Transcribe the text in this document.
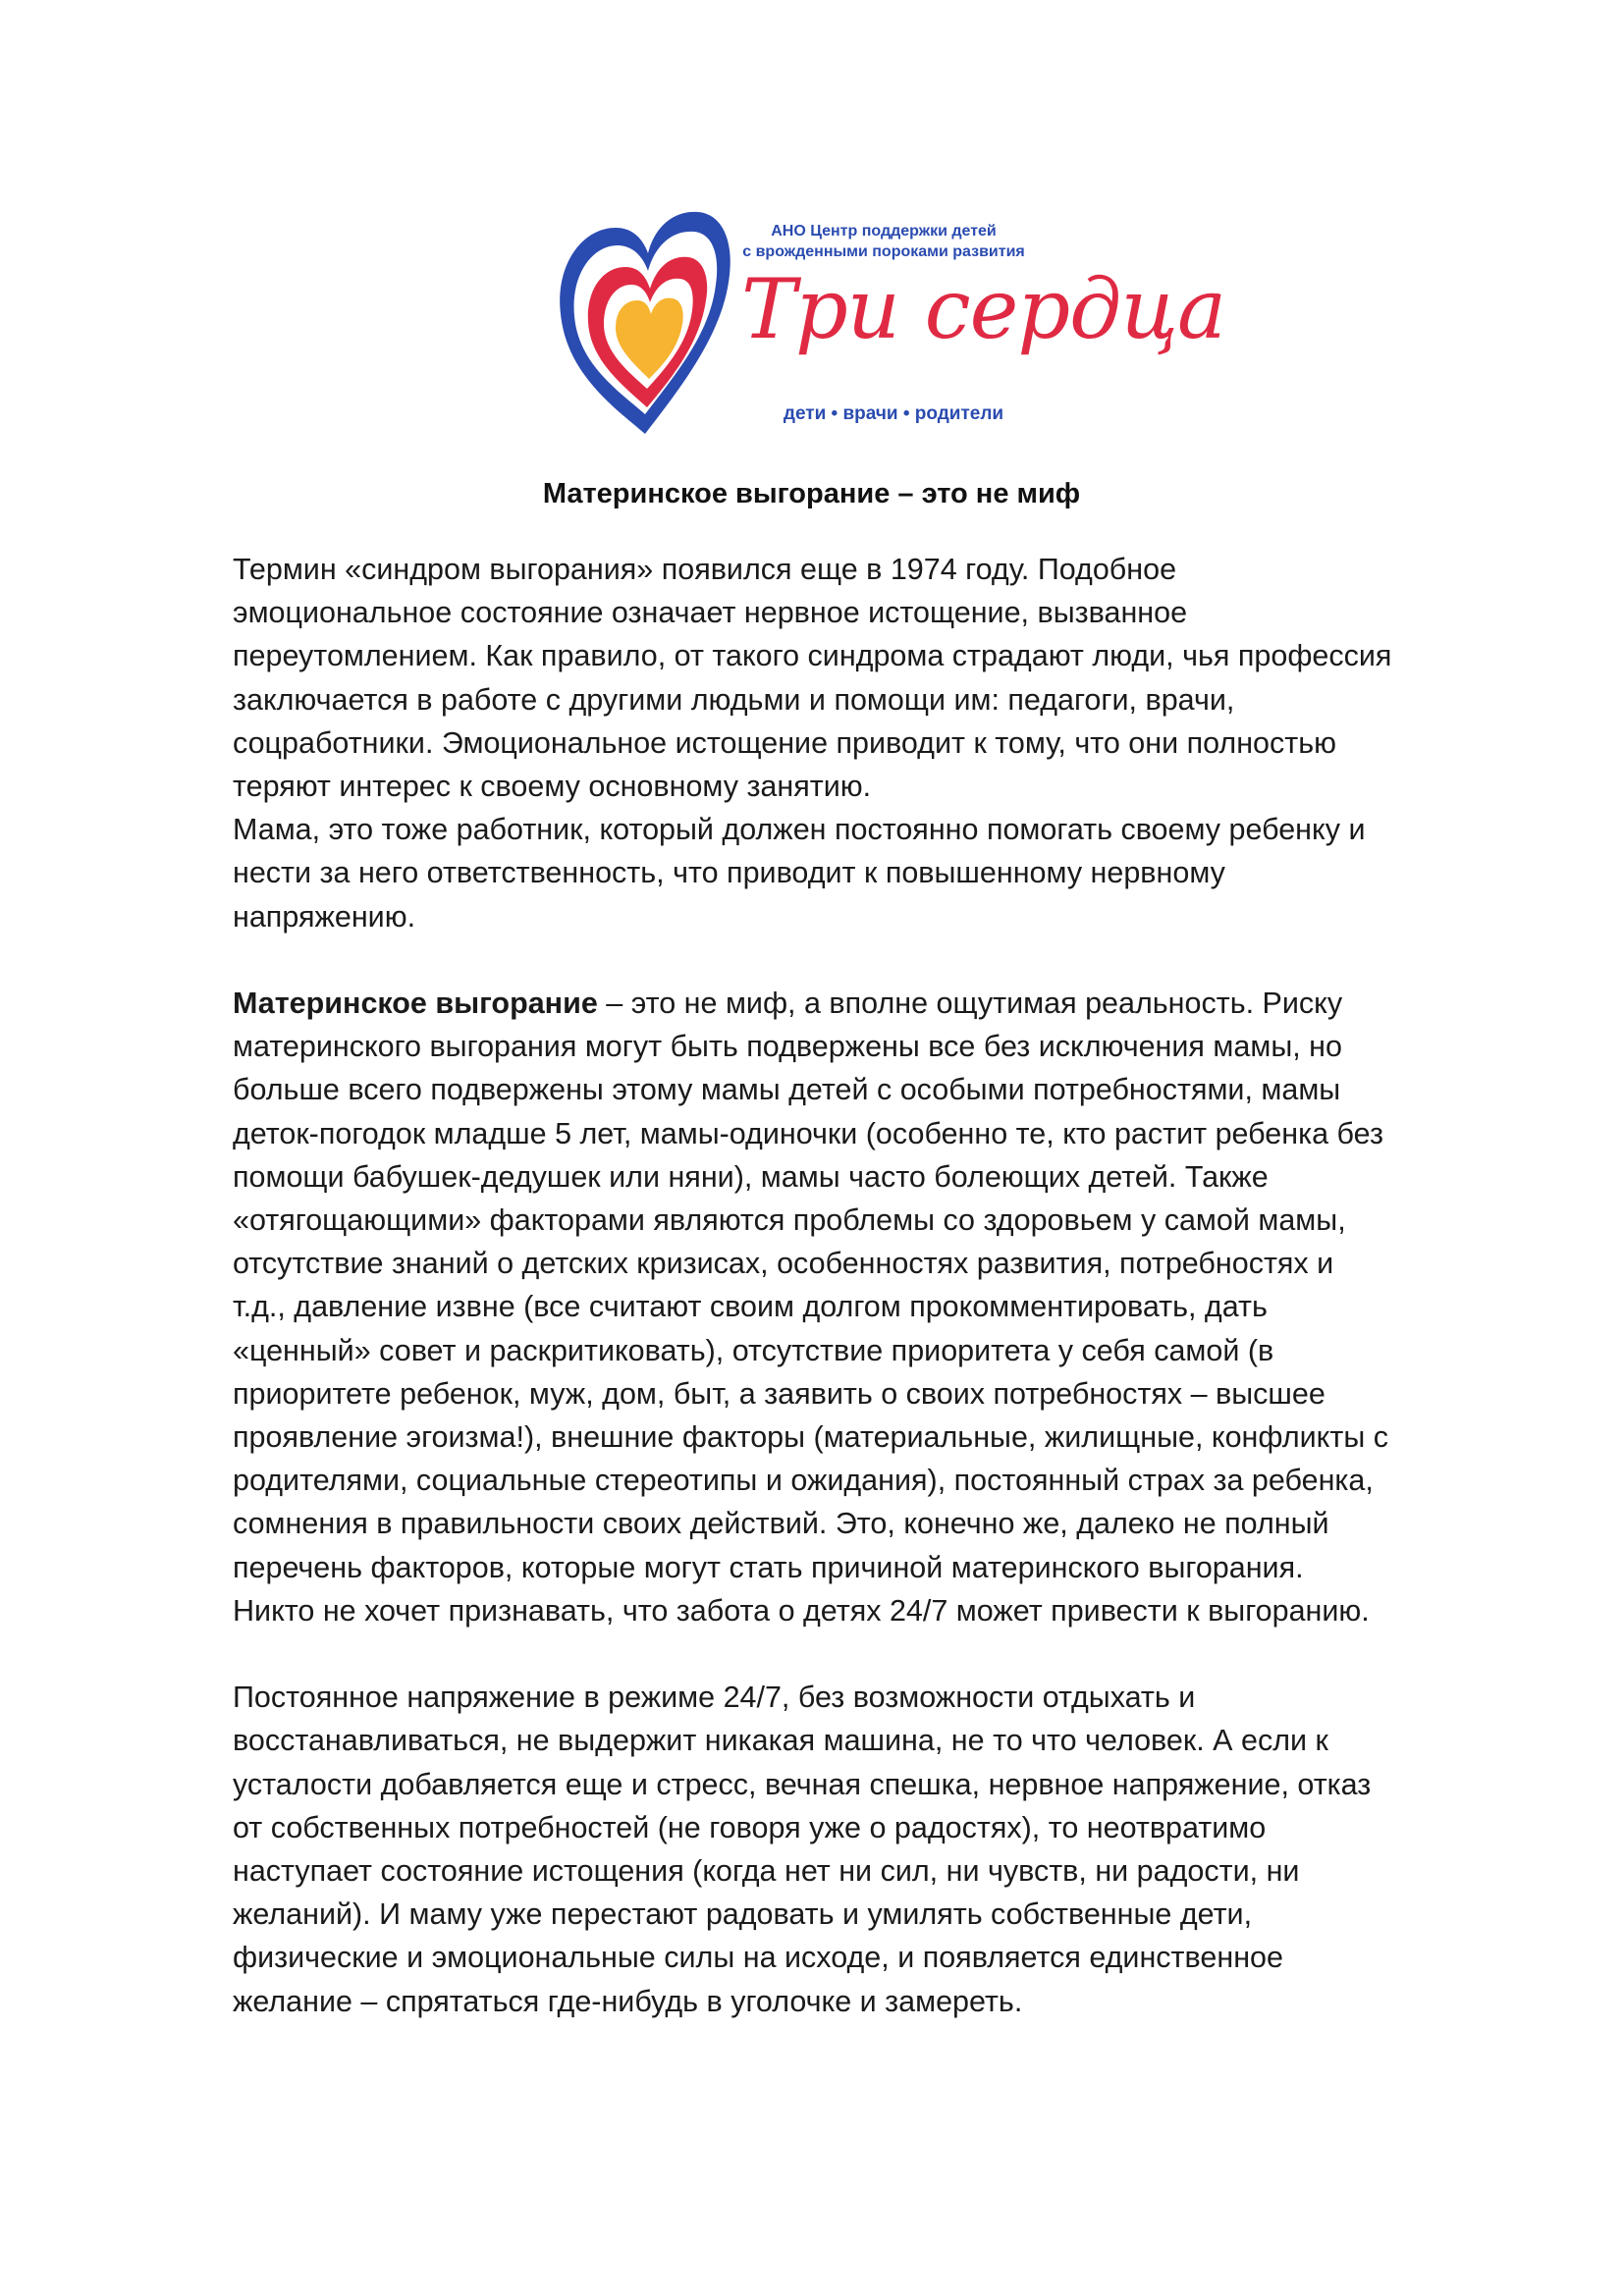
АНО Центр поддержки детей
с врожденными пороками развития
Три сердца
дети • врачи • родители
Материнское выгорание – это не миф

Термин «синдром выгорания» появился еще в 1974 году. Подобное
эмоциональное состояние означает нервное истощение, вызванное
переутомлением. Как правило, от такого синдрома страдают люди, чья профессия
заключается в работе с другими людьми и помощи им: педагоги, врачи,
соцработники. Эмоциональное истощение приводит к тому, что они полностью
теряют интерес к своему основному занятию.

Мама, это тоже работник, который должен постоянно помогать своему ребенку и
нести за него ответственность, что приводит к повышенному нервному
напряжению.

Материнское выгорание – это не миф, а вполне ощутимая реальность. Риску
материнского выгорания могут быть подвержены все без исключения мамы, но
больше всего подвержены этому мамы детей с особыми потребностями, мамы
деток-погодок младше 5 лет, мамы-одиночки (особенно те, кто растит ребенка без
помощи бабушек-дедушек или няни), мамы часто болеющих детей. Также
«отягощающими» факторами являются проблемы со здоровьем у самой мамы,
отсутствие знаний о детских кризисах, особенностях развития, потребностях и
т.д., давление извне (все считают своим долгом прокомментировать, дать
«ценный» совет и раскритиковать), отсутствие приоритета у себя самой (в
приоритете ребенок, муж, дом, быт, а заявить о своих потребностях – высшее
проявление эгоизма!), внешние факторы (материальные, жилищные, конфликты с
родителями, социальные стереотипы и ожидания), постоянный страх за ребенка,
сомнения в правильности своих действий. Это, конечно же, далеко не полный
перечень факторов, которые могут стать причиной материнского выгорания.
Никто не хочет признавать, что забота о детях 24/7 может привести к выгоранию.

Постоянное напряжение в режиме 24/7, без возможности отдыхать и
восстанавливаться, не выдержит никакая машина, не то что человек. А если к
усталости добавляется еще и стресс, вечная спешка, нервное напряжение, отказ
от собственных потребностей (не говоря уже о радостях), то неотвратимо
наступает состояние истощения (когда нет ни сил, ни чувств, ни радости, ни
желаний). И маму уже перестают радовать и умилять собственные дети,
физические и эмоциональные силы на исходе, и появляется единственное
желание – спрятаться где-нибудь в уголочке и замереть.
